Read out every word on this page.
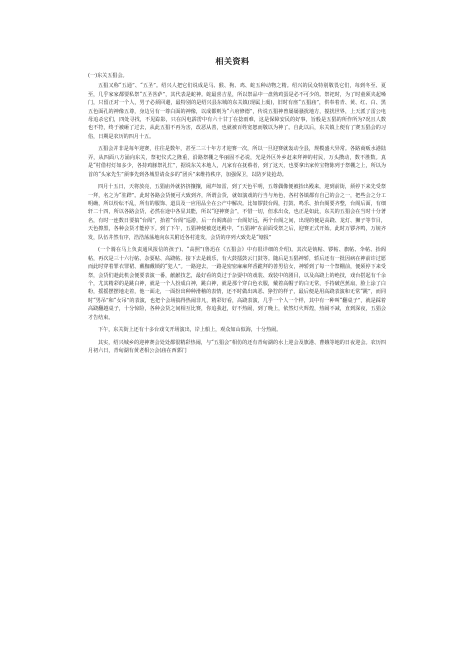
相关资料

(一)东关五猖会。

五猖又称“五通”、“五圣”。绍兴人把它们说成是马、猴、狗、鸡、蛇五种动物之精。绍兴的民众特别敬畏它们，每到冬至、夏至，几乎家家都要私祭“五圣菩萨”，其代表是蛇神。蛇最喜吉星，所以祭品中一盘熟鸡蛋是必不可少的。祭祀时，为了时童须夹起嗓门，只留正对一个人，男子必须回避，最特别的是绍兴县东城的东关镇(现属上虞)，旧时有座“五猖庙”，供奉着青、黄、红、白、黑五色面孔的神像五尊，身边另有一尊白面的神像，以成都则为“六府修德”，传说五猖神曾屡屡骚扰地方，搅扰世界，上天派了雷公电母追杀它们，四处寻找，不见踪影，只在闪电霹雳中有六十甘丁在捻雨难，这是保障安民的好事，旨般是五猖的所作所为?况且人数也不符，终于被砸了过去，从此五猖不再为害，改恶从善，也就被百姓宽恕而敬以为神了。自此以后，东关镇上便有了赛五猖会的习俗，日期是农历的四月十五。

五猖会并非是每年迎赛，往往是数年，甚至二三十年方才迎赛一次，所以一旦迎赛就轰动全县，规模盛大异常。各路商贩水港陆弄，从四面八方涌向东关，祭祀仪式之隆重，沿路祭棚之华丽固不必说，光是外区外乡赶来拜神的村民，万头攒动，数不胜数。真是“村借村灯如多少，各持鸡豚祭礼忙”，据说东关本地人，凡家有在抚蔡者，到了这天，也要拿出家传宝物陈列于祭棚之上，所以为首的“头家先生”须事先到各城里请众多的“团兵”来维持秩序，加强保卫，以防歹徒抢劫。

四月十五日，天将放亮，五猖庙外就挤挤攘攘，闹声如雷，到了天色平明，五尊偶像便被抬出殿来，迎到前街，须停下来先受祭一拜，名之为“驻跸”。此时各路会货便可大致到齐，所谓会货，就如演戏的行当与角色，各村各镇都有自己的会之一，把些会之分工明确，所以纷纭不乱，所有的服饰、道具及一应用品全在公产中解决。比如锣鼓台阁，打鼓、鸣乐、抬台阁要齐整，台阁后面，有细轩二十四，所以各路会货，必然在途中各显其能，所以“迎神赛会”，不惜一切，但求出众，也正是如此，东关的五猖会在当时十分著名，有时一连数日要搞“台阁”，抬着“台阁”巡游，后一台阁离前一台阁好远，两个台阁之间，出现的便是高跷、龙灯、狮子等节目，天色擦黑，各种会货才能停下。到了下午，五猖神便被送还殿中，“五猖神”在前面受祭之后，迎赛正式开始。此时万锣齐鸣，万铳齐发，队伍井然有序，浩浩荡荡地向东关附近各村进发，会货的序列大致先是“塘报”

(一个骑在马上负责通风报信的孩子)、“高照”(鲁迅在《五猖会》中有很详细的介绍)。其次是铳帖、锣帖、旗帖、伞帖、抬阁帖，再次是三十六行帖、杂耍帖、高跷帖。接下去是载乐，有大鼓擂鼓云门鼓等。随后是五猖神轿，轿后还有一批因病在神前许过愿而此时穿着罪衣罪裙、戴枷戴锁的“犯人”。一路迎去，一路是密密麻麻拜香跪拜的善男信女，神轿到了每一个祭棚前，便须停下来受祭，会货们趁此机会便要表演一番，献献技艺，最好看的莫过于杂耍中的戏装、戏装中的剧目，以及高跷上的绝技，戏台搭起有千余个，尤其精彩的是跳白神，就是一个人扮成白神，跳白神，就是那个穿白色衣服，戴着高帽子的白无常，手持破芭蕉扇，脸上涂了白粉，摇摇摆摆地走着，他一面走，一面扮出种种滑稽的表情，还不时做出凶恶、狰狞的样子，最后便是用高跷表演和无常“跳”，而同时“男吊”和“女吊”的表演，也把个会场搞得热闹非凡，精彩好看，高跷表演，几乎一个人一个样，其中有一种叫“翻桌子”，就是踩着高跷翻越桌子，十分惊险，各种会货之间相互比赛，你追我赶，好不热闹，到了晚上，依然灯火辉煌，热闹不减，直到深夜，五猖会才告结束。

下午，东关街上还有十多台戏文开场演出，岸上船上，观众如山似海，十分热闹。

其实，绍兴城乡的迎神赛会处处都很精彩热闹，与“五猖会”相仿的还有青甸湖的水上迎会及旗港、曹娥等地的日夜迎会。农历四月初六日，青甸湖有黄老相公会(庙在西郭门
